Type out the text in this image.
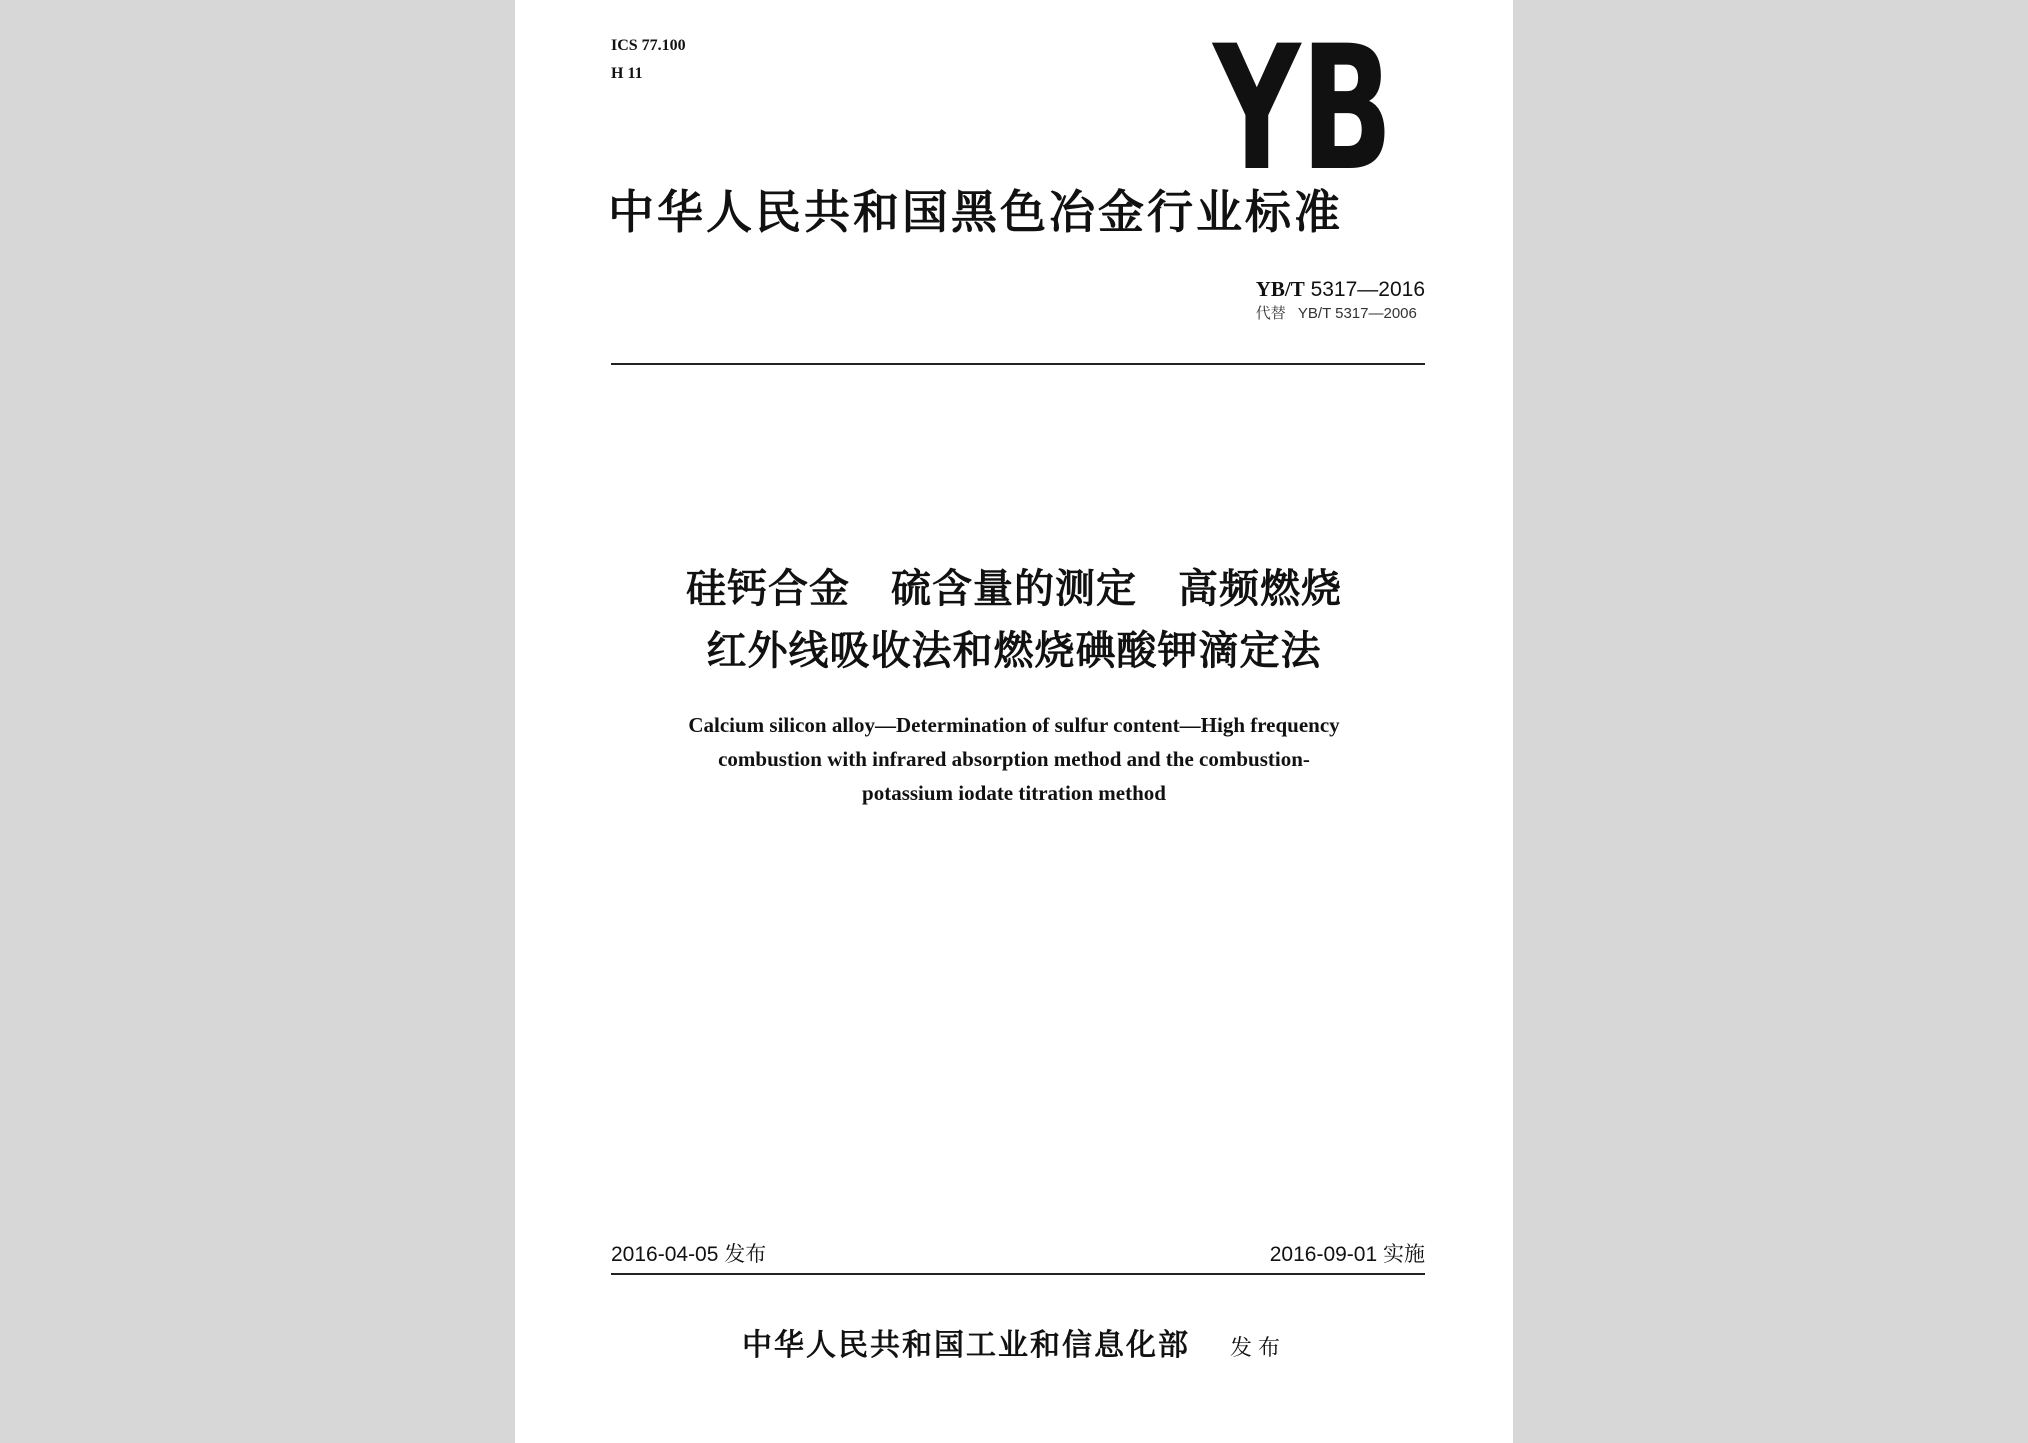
ICS 77.100
H 11	YB
中华人民共和国黑色冶金行业标准
YB/T 5317—2016
代替 YB/T 5317—2006
硅钙合金　硫含量的测定　高频燃烧
红外线吸收法和燃烧碘酸钾滴定法
Calcium silicon alloy—Determination of sulfur content—High frequency
combustion with infrared absorption method and the combustion-
potassium iodate titration method
2016-04-05 发布	2016-09-01 实施
中华人民共和国工业和信息化部 发布
